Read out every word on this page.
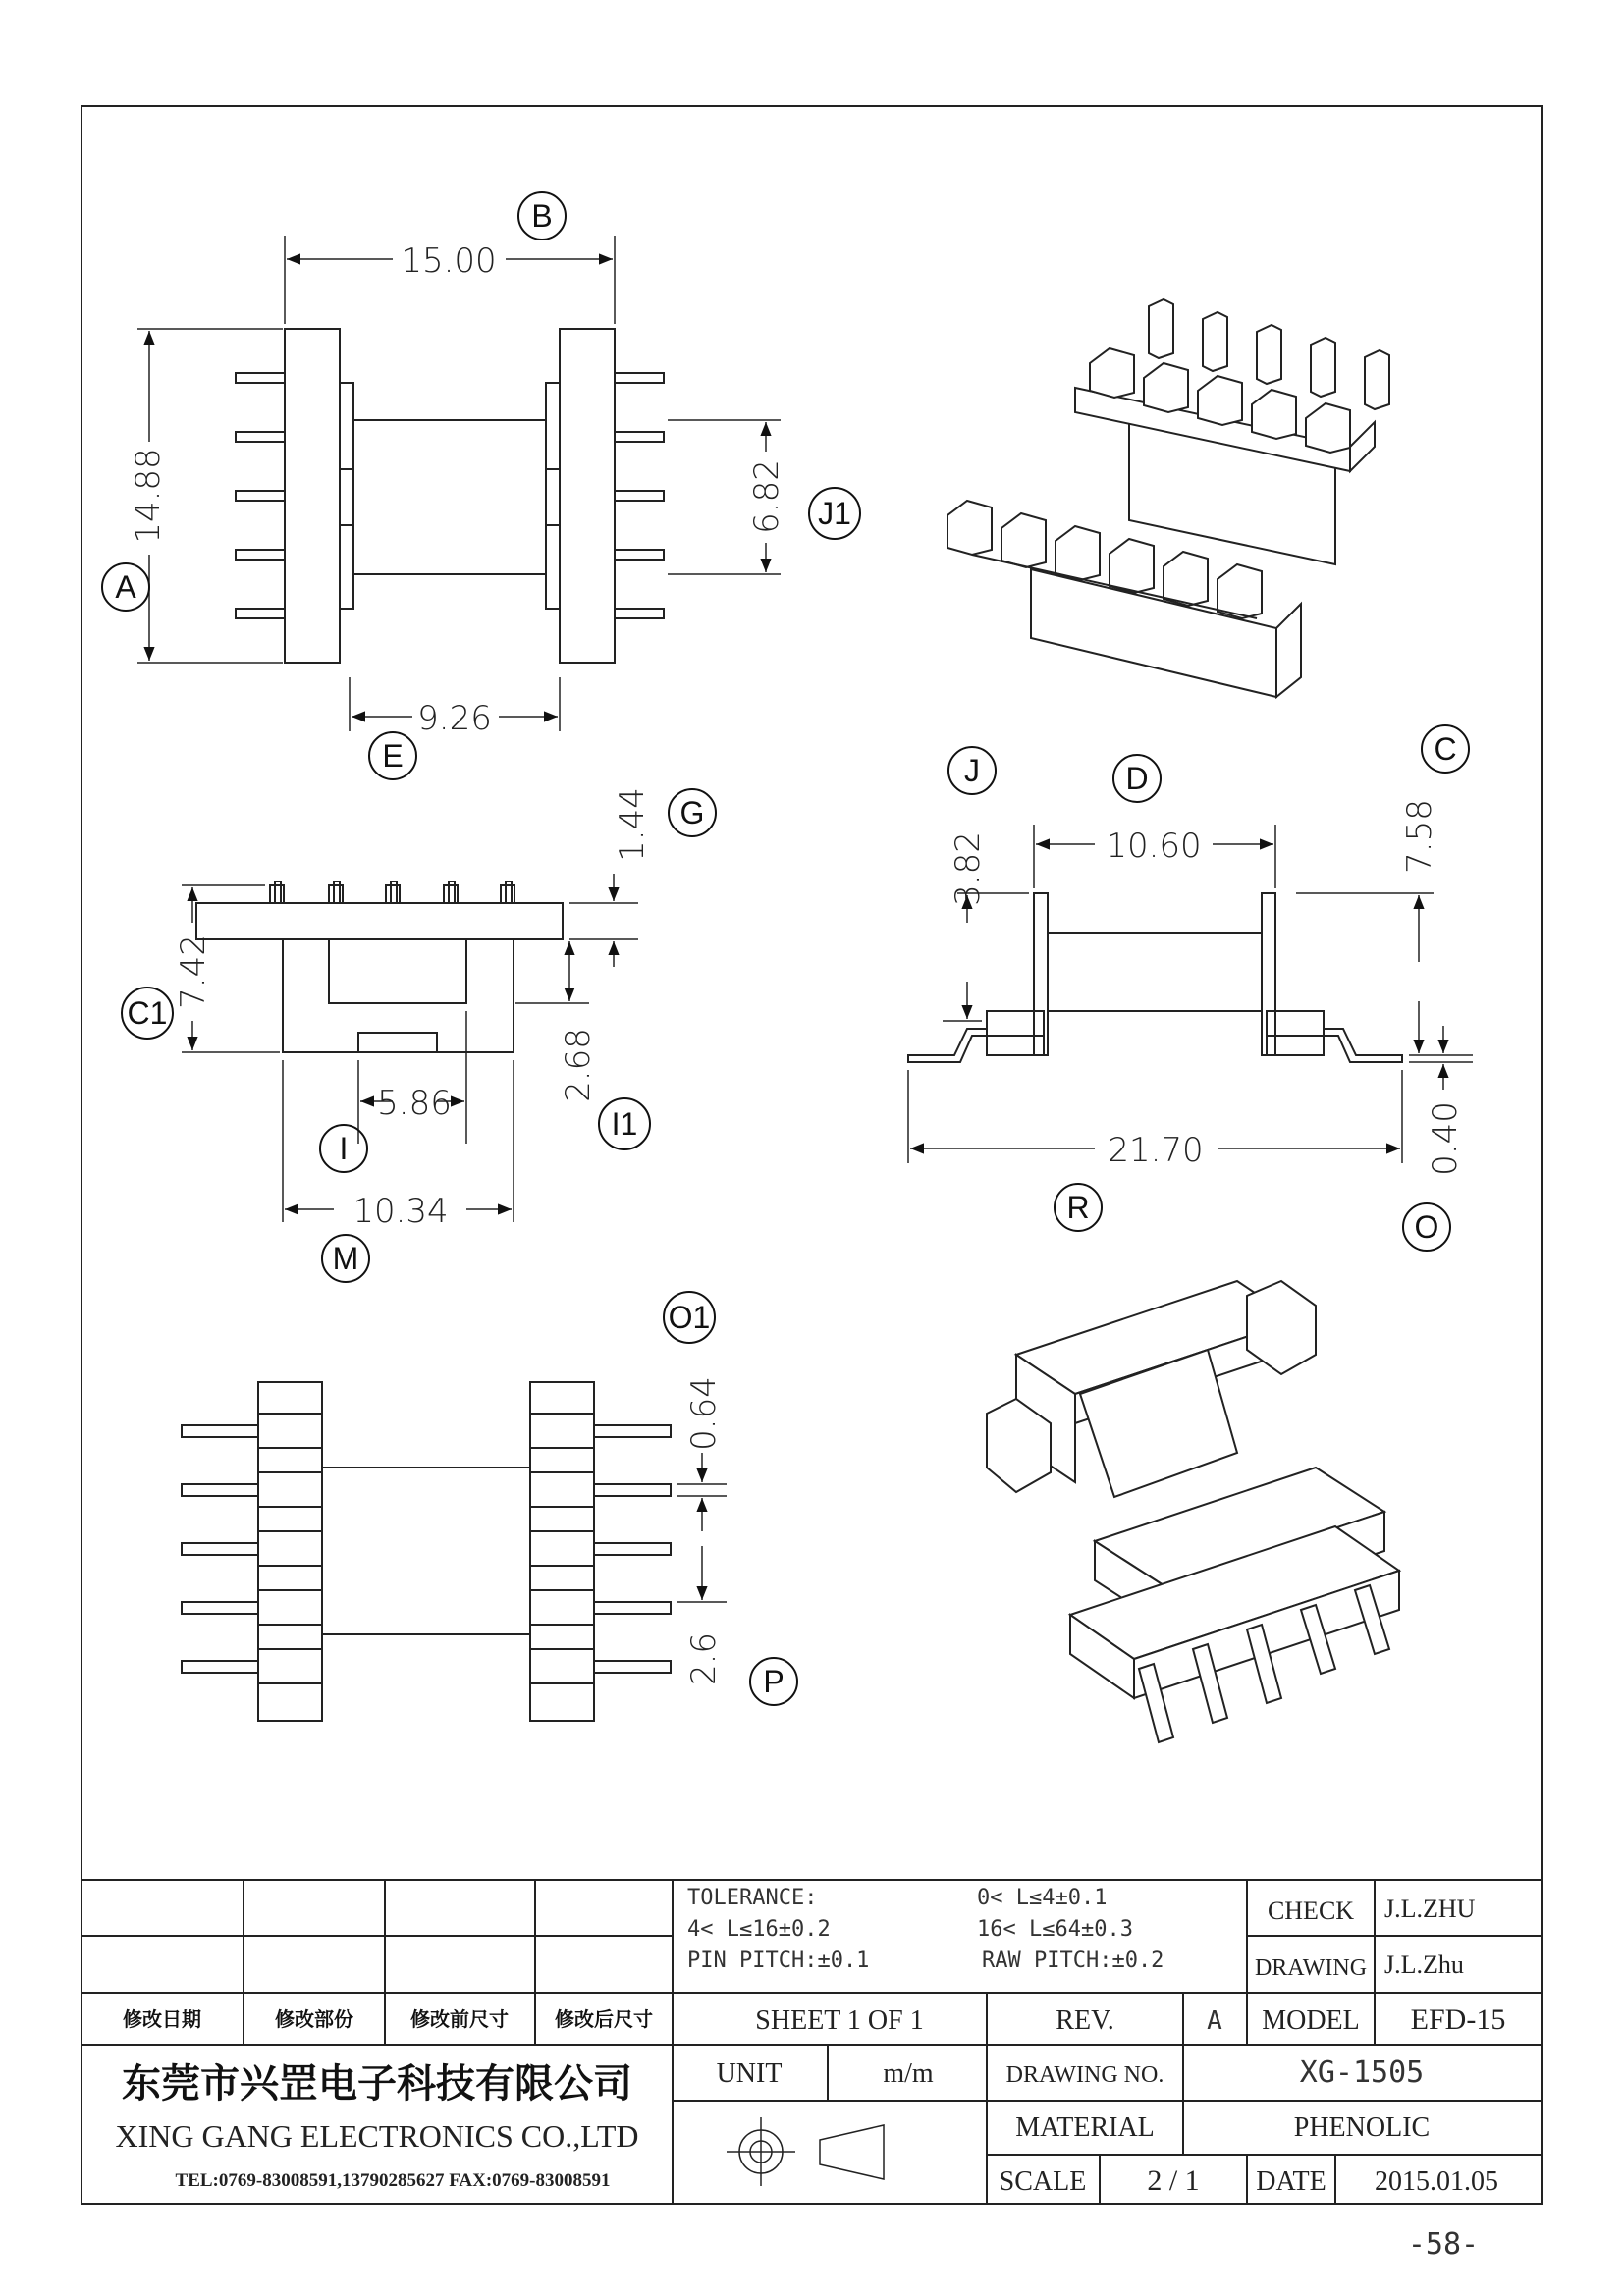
15.00
14.88	6.82
9.26
1.44
7.42
2.68
5.86
10.34
10.60
3.82	7.58
0.40
21.70
0.64
2.6
B
A
J1
E
G
C1
I1
I
M
J	D
C
R
O
O1
P
TOLERANCE:	0< L≤4±0.1
4< L≤16±0.2	16< L≤64±0.3
PIN PITCH:±0.1	RAW PITCH:±0.2
CHECK J.L.ZHU
DRAWING J.L.Zhu
修改日期	修改部份	修改前尺寸 修改后尺寸	SHEET 1 OF 1	REV.	A MODEL EFD-15
东莞市兴罡电子科技有限公司
XING GANG ELECTRONICS CO.,LTD
TEL:0769-83008591,13790285627 FAX:0769-83008591
UNIT	m/m	DRAWING NO.	XG-1505
MATERIAL	PHENOLIC
SCALE 2 / 1 DATE 2015.01.05
-58-
